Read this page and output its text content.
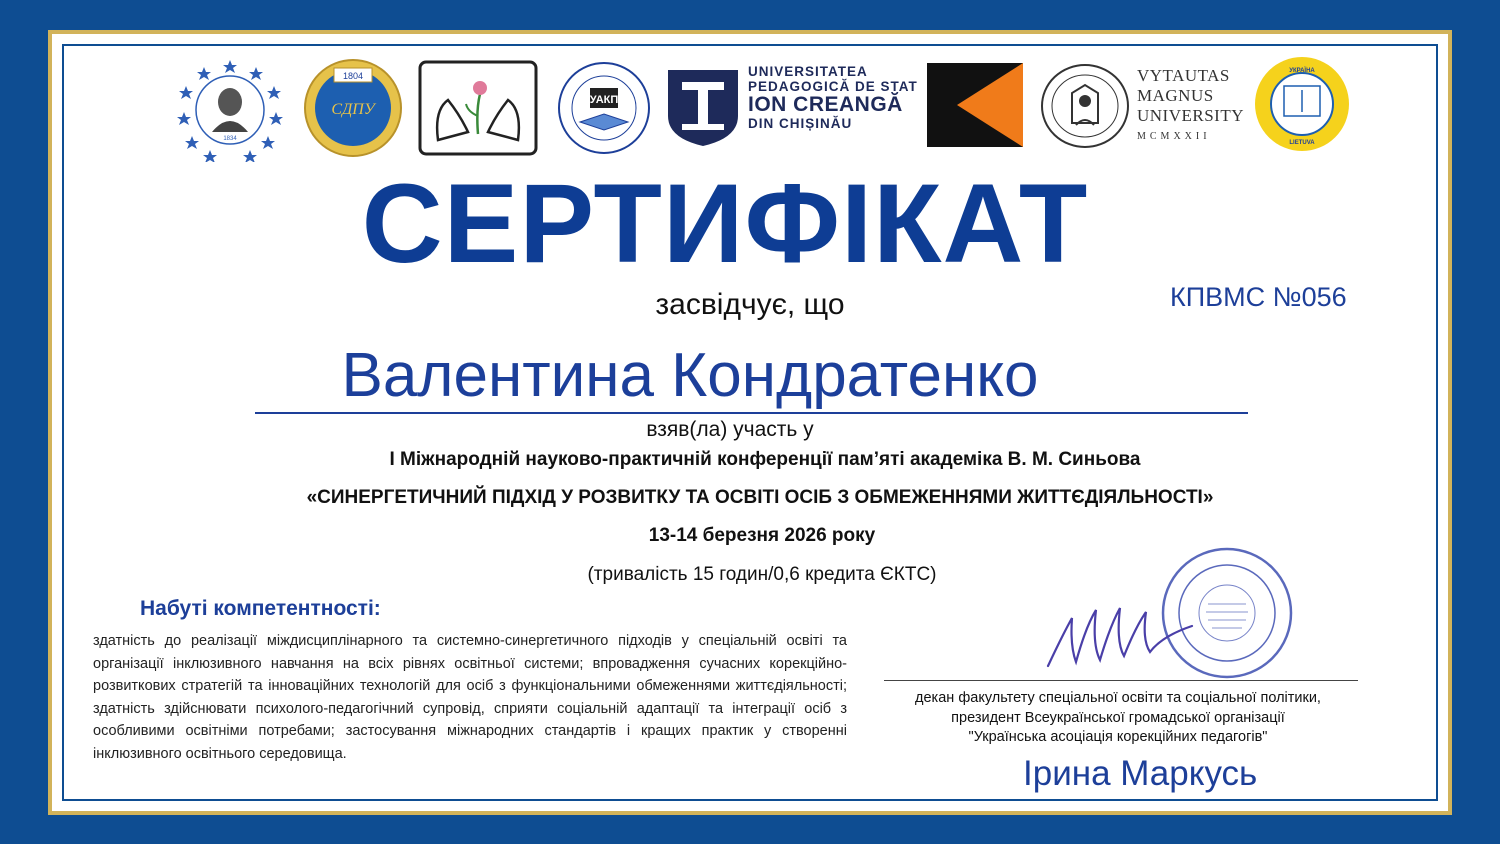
1834
1804
СДПУ
УАКП
UNIVERSITATEA
PEDAGOGICĂ DE STAT
ION CREANGĂ
DIN CHIȘINĂU
VYTAUTAS
MAGNUS
UNIVERSITY
MCMXXII
УКРАЇНА
LIETUVA
СЕРТИФІКАТ
КПВМС №056
засвідчує, що
Валентина Кондратенко
взяв(ла) участь у
І Міжнародній науково-практичній конференції пам’яті академіка В. М. Синьова
«СИНЕРГЕТИЧНИЙ ПІДХІД У РОЗВИТКУ ТА ОСВІТІ ОСІБ З ОБМЕЖЕННЯМИ ЖИТТЄДІЯЛЬНОСТІ»
13-14 березня 2026 року
(тривалість 15 годин/0,6 кредита ЄКТС)
Набуті компетентності:
здатність до реалізації міждисциплінарного та системно-синергетичного підходів у спеціальній освіті та організації інклюзивного навчання на всіх рівнях освітньої системи; впровадження сучасних корекційно-розвиткових стратегій та інноваційних технологій для осіб з функціональними обмеженнями життєдіяльності; здатність здійснювати психолого-педагогічний супровід, сприяти соціальній адаптації та інтеграції осіб з особливими освітніми потребами; застосування міжнародних стандартів і кращих практик у створенні інклюзивного освітнього середовища.
декан факультету спеціальної освіти та соціальної політики,
президент Всеукраїнської громадської організації
"Українська асоціація корекційних педагогів"
Ірина Маркусь
